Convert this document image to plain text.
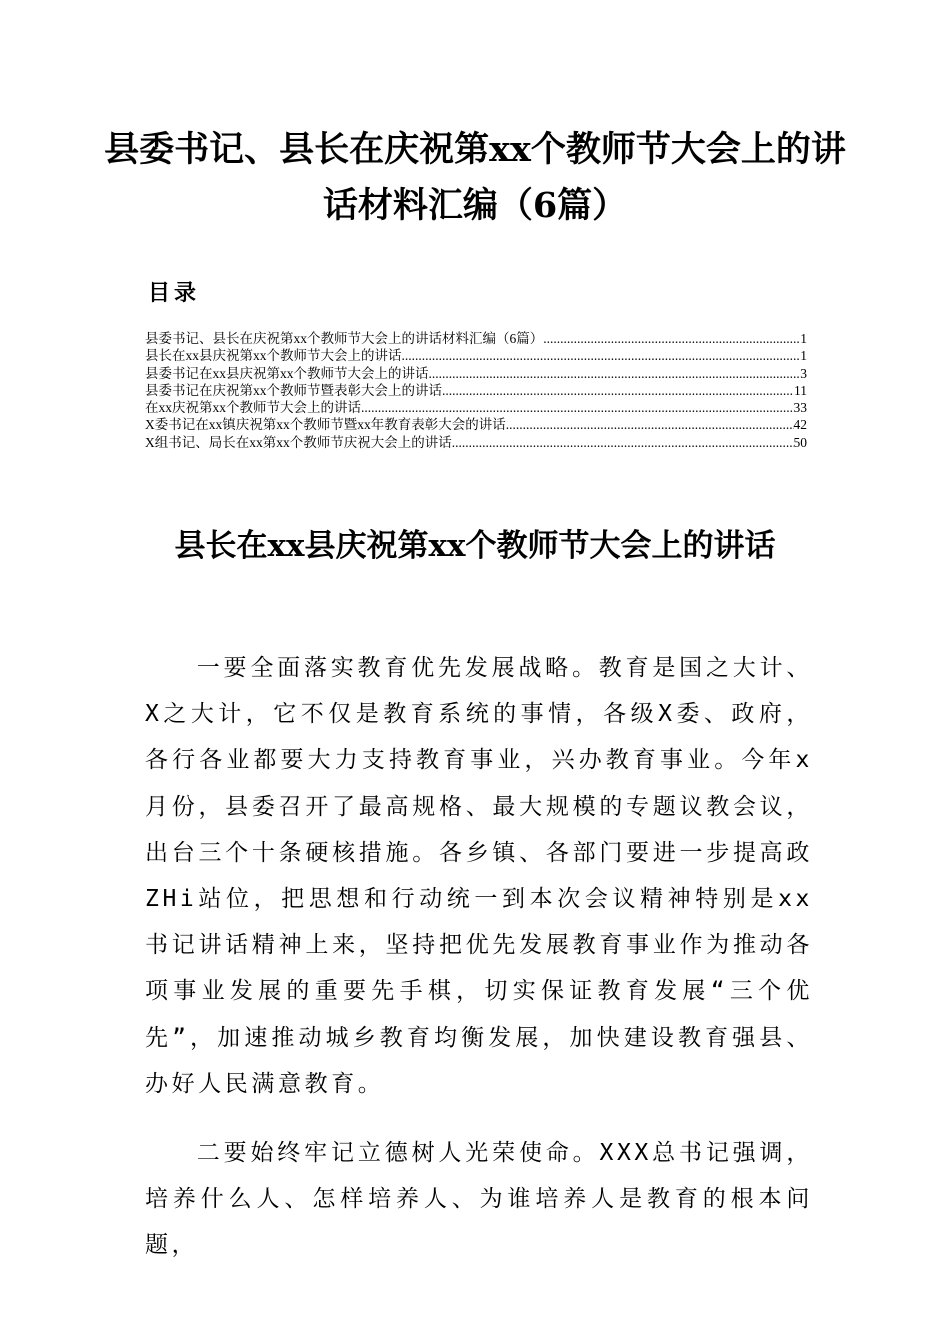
县委书记、县长在庆祝第xx个教师节大会上的讲话材料汇编（6篇）
目录
县委书记、县长在庆祝第xx个教师节大会上的讲话材料汇编（6篇） .....	1
县长在xx县庆祝第xx个教师节大会上的讲话 .....	1
县委书记在xx县庆祝第xx个教师节大会上的讲话 .....	3
县委书记在庆祝第xx个教师节暨表彰大会上的讲话 .....	11
在xx庆祝第xx个教师节大会上的讲话 .....	33
X委书记在xx镇庆祝第xx个教师节暨xx年教育表彰大会的讲话 .....	42
X组书记、局长在xx第xx个教师节庆祝大会上的讲话 .....	50
县长在xx县庆祝第xx个教师节大会上的讲话

一要全面落实教育优先发展战略。教育是国之大计、X之大计，它不仅是教育系统的事情，各级X委、政府，各行各业都要大力支持教育事业，兴办教育事业。今年x月份，县委召开了最高规格、最大规模的专题议教会议，出台三个十条硬核措施。各乡镇、各部门要进一步提高政ZHi站位，把思想和行动统一到本次会议精神特别是xx书记讲话精神上来，坚持把优先发展教育事业作为推动各项事业发展的重要先手棋，切实保证教育发展“三个优先”，加速推动城乡教育均衡发展，加快建设教育强县、办好人民满意教育。

二要始终牢记立德树人光荣使命。XXX总书记强调，培养什么人、怎样培养人、为谁培养人是教育的根本问题，
